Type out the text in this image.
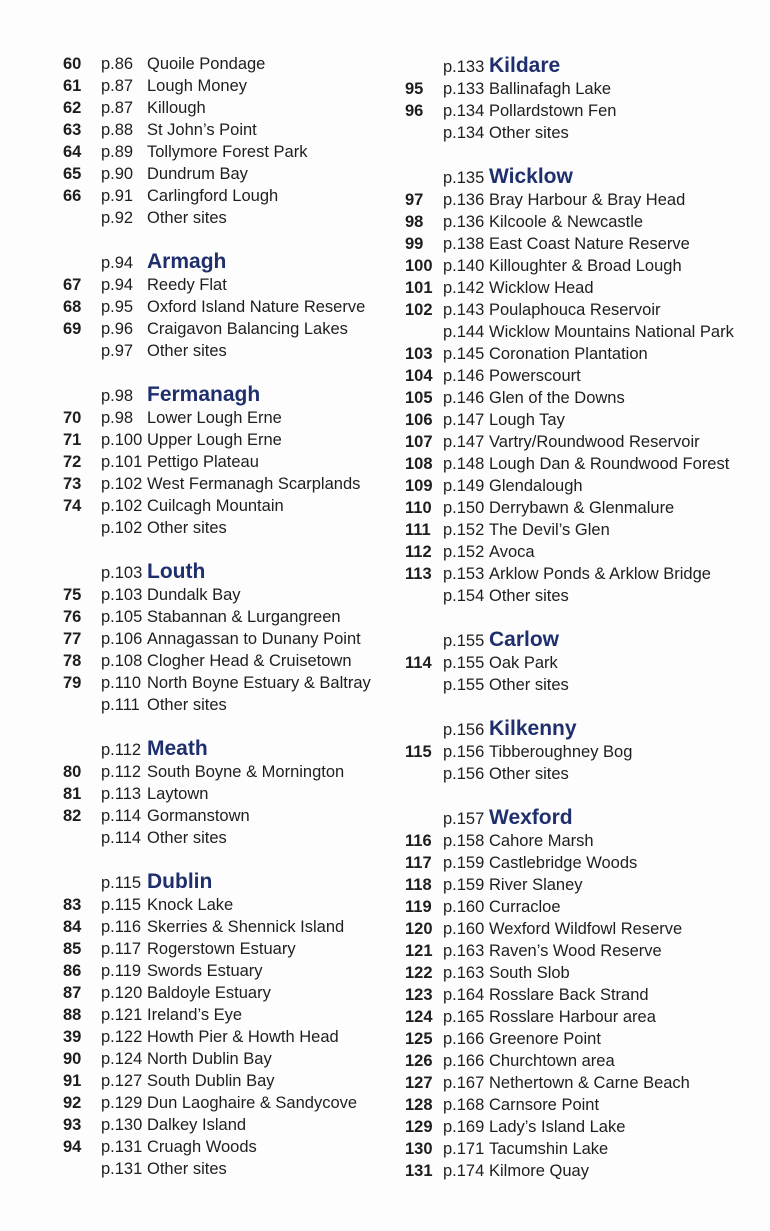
60	p.86 Quoile Pondage
61	p.87 Lough Money
62	p.87 Killough
63	p.88 St John’s Point
64	p.89 Tollymore Forest Park
65	p.90 Dundrum Bay
66	p.91 Carlingford Lough
p.92 Other sites
p.94 Armagh
67	p.94 Reedy Flat
68	p.95 Oxford Island Nature Reserve
69	p.96 Craigavon Balancing Lakes
p.97 Other sites
p.98 Fermanagh
70	p.98 Lower Lough Erne
71	p.100 Upper Lough Erne
72	p.101 Pettigo Plateau
73	p.102 West Fermanagh Scarplands
74	p.102 Cuilcagh Mountain
p.102 Other sites
p.103 Louth
75	p.103 Dundalk Bay
76	p.105 Stabannan & Lurgangreen
77	p.106 Annagassan to Dunany Point
78	p.108 Clogher Head & Cruisetown
79	p.110 North Boyne Estuary & Baltray
p.111 Other sites
p.112 Meath
80	p.112 South Boyne & Mornington
81	p.113 Laytown
82	p.114 Gormanstown
p.114 Other sites
p.115 Dublin
83	p.115 Knock Lake
84	p.116 Skerries & Shennick Island
85	p.117 Rogerstown Estuary
86	p.119 Swords Estuary
87	p.120 Baldoyle Estuary
88	p.121 Ireland’s Eye
39	p.122 Howth Pier & Howth Head
90	p.124 North Dublin Bay
91	p.127 South Dublin Bay
92	p.129 Dun Laoghaire & Sandycove
93	p.130 Dalkey Island
94	p.131 Cruagh Woods
p.131 Other sites
p.133 Kildare
95	p.133 Ballinafagh Lake
96	p.134 Pollardstown Fen
p.134 Other sites
p.135 Wicklow
97	p.136 Bray Harbour & Bray Head
98	p.136 Kilcoole & Newcastle
99	p.138 East Coast Nature Reserve
100 p.140 Killoughter & Broad Lough
101 p.142 Wicklow Head
102 p.143 Poulaphouca Reservoir
p.144 Wicklow Mountains National Park
103 p.145 Coronation Plantation
104 p.146 Powerscourt
105 p.146 Glen of the Downs
106 p.147 Lough Tay
107 p.147 Vartry/Roundwood Reservoir
108 p.148 Lough Dan & Roundwood Forest
109 p.149 Glendalough
110 p.150 Derrybawn & Glenmalure
111 p.152 The Devil’s Glen
112 p.152 Avoca
113 p.153 Arklow Ponds & Arklow Bridge
p.154 Other sites
p.155 Carlow
114 p.155 Oak Park
p.155 Other sites
p.156 Kilkenny
115 p.156 Tibberoughney Bog
p.156 Other sites
p.157 Wexford
116 p.158 Cahore Marsh
117 p.159 Castlebridge Woods
118 p.159 River Slaney
119 p.160 Curracloe
120 p.160 Wexford Wildfowl Reserve
121 p.163 Raven’s Wood Reserve
122 p.163 South Slob
123 p.164 Rosslare Back Strand
124 p.165 Rosslare Harbour area
125 p.166 Greenore Point
126 p.166 Churchtown area
127 p.167 Nethertown & Carne Beach
128 p.168 Carnsore Point
129 p.169 Lady’s Island Lake
130 p.171 Tacumshin Lake
131 p.174 Kilmore Quay
